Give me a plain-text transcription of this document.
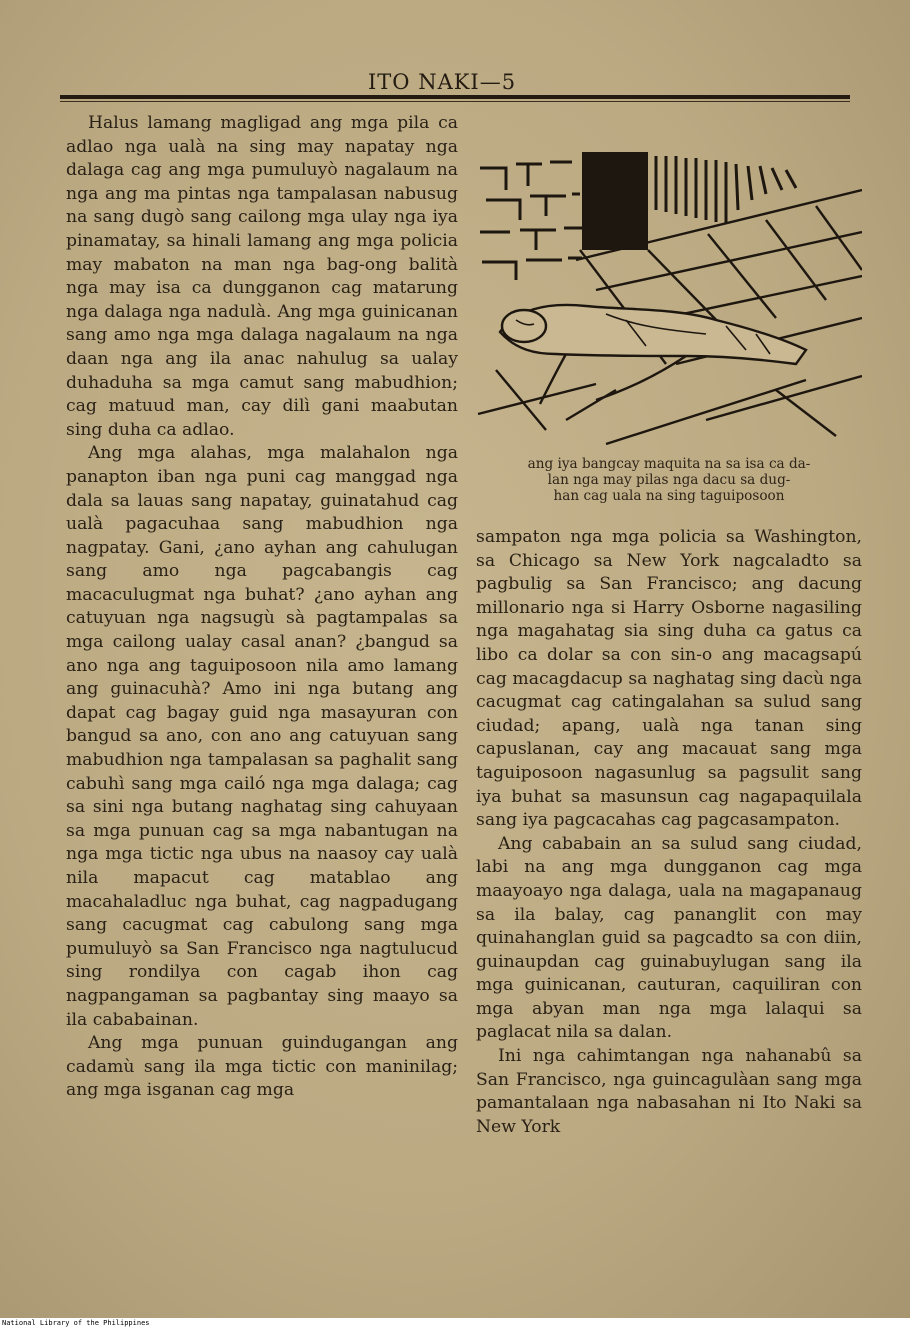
ITO NAKI—5

Halus lamang magligad ang mga pila ca adlao nga ualà na sing may napatay nga dalaga cag ang mga pumuluyò nagalaum na nga ang ma pintas nga tampalasan nabusug na sang dugò sang cailong mga ulay nga iya pinamatay, sa hinali lamang ang mga policia may mabaton na man nga bag-ong balità nga may isa ca dungganon cag matarung nga dalaga nga nadulà. Ang mga guinicanan sang amo nga mga dalaga nagalaum na nga daan nga ang ila anac nahulug sa ualay duhaduha sa mga camut sang mabudhion; cag matuud man, cay dilì gani maabutan sing duha ca adlao.

Ang mga alahas, mga malahalon nga panapton iban nga puni cag manggad nga dala sa lauas sang napatay, guinatahud cag ualà pagacuhaa sang mabudhion nga nagpatay. Gani, ¿ano ayhan ang cahulugan sang amo nga pagcabangis cag macaculugmat nga buhat? ¿ano ayhan ang catuyuan nga nagsugù sà pagtampalas sa mga cailong ualay casal anan? ¿bangud sa ano nga ang taguiposoon nila amo lamang ang guinacuhà? Amo ini nga butang ang dapat cag bagay guid nga masayuran con bangud sa ano, con ano ang catuyuan sang mabudhion nga tampalasan sa paghalit sang cabuhì sang mga cailó nga mga dalaga; cag sa sini nga butang naghatag sing cahuyaan sa mga punuan cag sa mga nabantugan na nga mga tictic nga ubus na naasoy cay ualà nila mapacut cag matablao ang macahaladluc nga buhat, cag nagpadugang sang cacugmat cag cabulong sang mga pumuluyò sa San Francisco nga nagtulucud sing rondilya con cagab ihon cag nagpangaman sa pagbantay sing maayo sa ila cababainan.

Ang mga punuan guindugangan ang cadamù sang ila mga tictic con maninilag; ang mga isganan cag mga

ang iya bangcay maquita na sa isa ca da-
lan nga may pilas nga dacu sa dug-
han cag uala na sing taguiposoon

sampaton nga mga policia sa Washington, sa Chicago sa New York nagcaladto sa pagbulig sa San Francisco; ang dacung millonario nga si Harry Osborne nagasiling nga magahatag sia sing duha ca gatus ca libo ca dolar sa con sin-o ang macagsapú cag macagdacup sa naghatag sing dacù nga cacugmat cag catingalahan sa sulud sang ciudad; apang, ualà nga tanan sing capuslanan, cay ang macauat sang mga taguiposoon nagasunlug sa pagsulit sang iya buhat sa masunsun cag nagapaquilala sang iya pagcacahas cag pagcasampaton.

Ang cababain an sa sulud sang ciudad, labi na ang mga dungganon cag mga maayoayo nga dalaga, uala na magapanaug sa ila balay, cag pananglit con may quinahanglan guid sa pagcadto sa con diin, guinaupdan cag guinabuylugan sang ila mga guinicanan, cauturan, caquiliran con mga abyan man nga mga lalaqui sa paglacat nila sa dalan.

Ini nga cahimtangan nga nahanabû sa San Francisco, nga guincagulàan sang mga pamantalaan nga nabasahan ni Ito Naki sa New York

National Library of the Philippines
